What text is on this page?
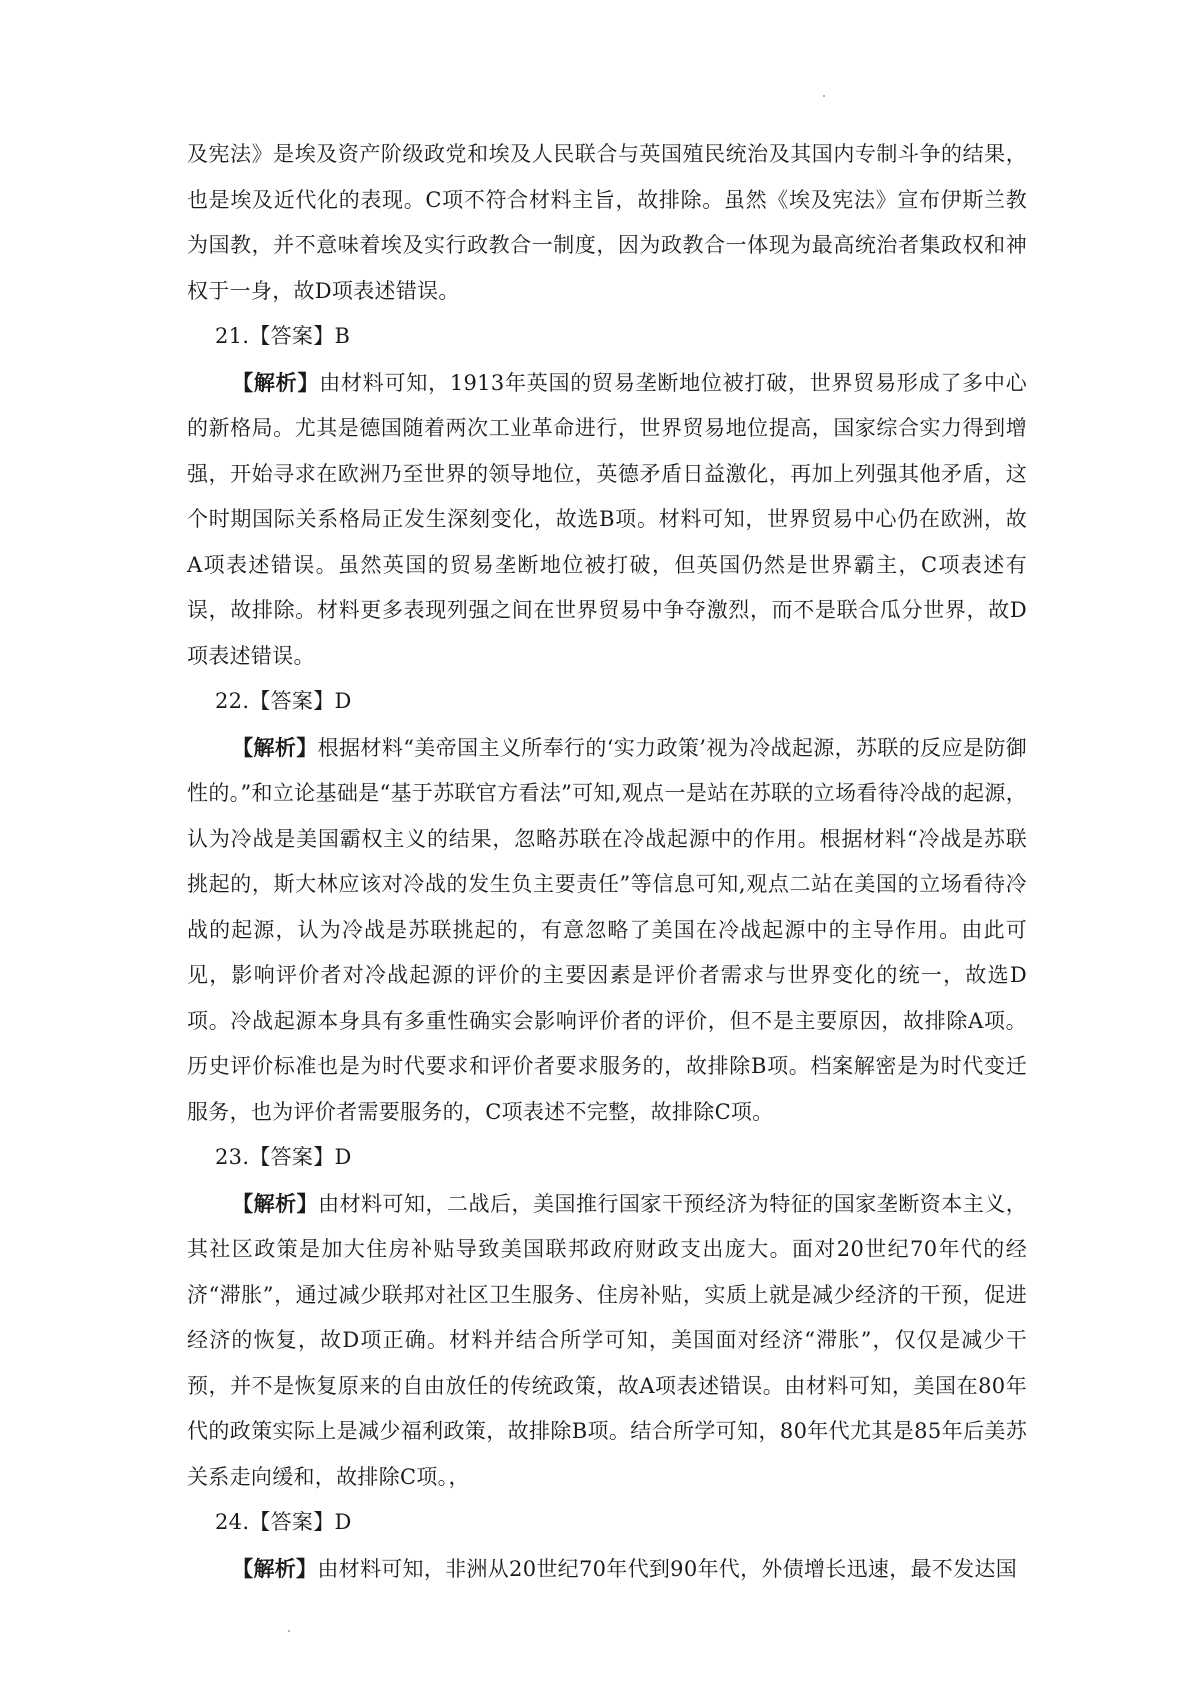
及宪法》是埃及资产阶级政党和埃及人民联合与英国殖民统治及其国内专制斗争的结果，也是埃及近代化的表现。C项不符合材料主旨，故排除。虽然《埃及宪法》宣布伊斯兰教为国教，并不意味着埃及实行政教合一制度，因为政教合一体现为最高统治者集政权和神权于一身，故D项表述错误。

21.【答案】B

【解析】由材料可知，1913年英国的贸易垄断地位被打破，世界贸易形成了多中心的新格局。尤其是德国随着两次工业革命进行，世界贸易地位提高，国家综合实力得到增强，开始寻求在欧洲乃至世界的领导地位，英德矛盾日益激化，再加上列强其他矛盾，这个时期国际关系格局正发生深刻变化，故选B项。材料可知，世界贸易中心仍在欧洲，故A项表述错误。虽然英国的贸易垄断地位被打破，但英国仍然是世界霸主，C项表述有误，故排除。材料更多表现列强之间在世界贸易中争夺激烈，而不是联合瓜分世界，故D项表述错误。

22.【答案】D

【解析】根据材料“美帝国主义所奉行的‘实力政策’视为冷战起源，苏联的反应是防御性的。”和立论基础是“基于苏联官方看法”可知,观点一是站在苏联的立场看待冷战的起源，认为冷战是美国霸权主义的结果，忽略苏联在冷战起源中的作用。根据材料“冷战是苏联挑起的，斯大林应该对冷战的发生负主要责任”等信息可知,观点二站在美国的立场看待冷战的起源，认为冷战是苏联挑起的，有意忽略了美国在冷战起源中的主导作用。由此可见，影响评价者对冷战起源的评价的主要因素是评价者需求与世界变化的统一，故选D项。冷战起源本身具有多重性确实会影响评价者的评价，但不是主要原因，故排除A项。历史评价标准也是为时代要求和评价者要求服务的，故排除B项。档案解密是为时代变迁服务，也为评价者需要服务的，C项表述不完整，故排除C项。

23.【答案】D

【解析】由材料可知，二战后，美国推行国家干预经济为特征的国家垄断资本主义，其社区政策是加大住房补贴导致美国联邦政府财政支出庞大。面对20世纪70年代的经济“滞胀”，通过减少联邦对社区卫生服务、住房补贴，实质上就是减少经济的干预，促进经济的恢复，故D项正确。材料并结合所学可知，美国面对经济“滞胀”，仅仅是减少干预，并不是恢复原来的自由放任的传统政策，故A项表述错误。由材料可知，美国在80年代的政策实际上是减少福利政策，故排除B项。结合所学可知，80年代尤其是85年后美苏关系走向缓和，故排除C项。，

24.【答案】D

【解析】由材料可知，非洲从20世纪70年代到90年代，外债增长迅速，最不发达国
